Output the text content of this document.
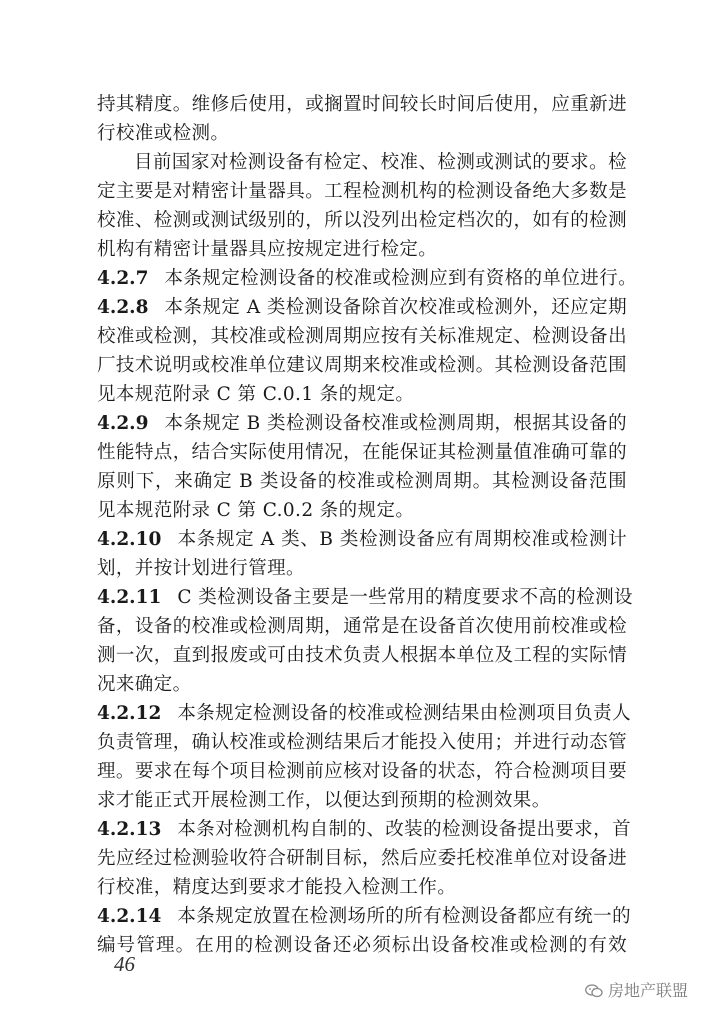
持其精度。维修后使用，或搁置时间较长时间后使用，应重新进
行校准或检测。
目前国家对检测设备有检定、校准、检测或测试的要求。检
定主要是对精密计量器具。工程检测机构的检测设备绝大多数是
校准、检测或测试级别的，所以没列出检定档次的，如有的检测
机构有精密计量器具应按规定进行检定。
4.2.7 本条规定检测设备的校准或检测应到有资格的单位进行。
4.2.8 本条规定 A 类检测设备除首次校准或检测外，还应定期
校准或检测，其校准或检测周期应按有关标准规定、检测设备出
厂技术说明或校准单位建议周期来校准或检测。其检测设备范围
见本规范附录 C 第 C.0.1 条的规定。
4.2.9 本条规定 B 类检测设备校准或检测周期，根据其设备的
性能特点，结合实际使用情况，在能保证其检测量值准确可靠的
原则下，来确定 B 类设备的校准或检测周期。其检测设备范围
见本规范附录 C 第 C.0.2 条的规定。
4.2.10 本条规定 A 类、B 类检测设备应有周期校准或检测计
划，并按计划进行管理。
4.2.11 C 类检测设备主要是一些常用的精度要求不高的检测设
备，设备的校准或检测周期，通常是在设备首次使用前校准或检
测一次，直到报废或可由技术负责人根据本单位及工程的实际情
况来确定。
4.2.12 本条规定检测设备的校准或检测结果由检测项目负责人
负责管理，确认校准或检测结果后才能投入使用；并进行动态管
理。要求在每个项目检测前应核对设备的状态，符合检测项目要
求才能正式开展检测工作，以便达到预期的检测效果。
4.2.13 本条对检测机构自制的、改装的检测设备提出要求，首
先应经过检测验收符合研制目标，然后应委托校准单位对设备进
行校准，精度达到要求才能投入检测工作。
4.2.14 本条规定放置在检测场所的所有检测设备都应有统一的
编号管理。在用的检测设备还必须标出设备校准或检测的有效
46
房地产联盟
